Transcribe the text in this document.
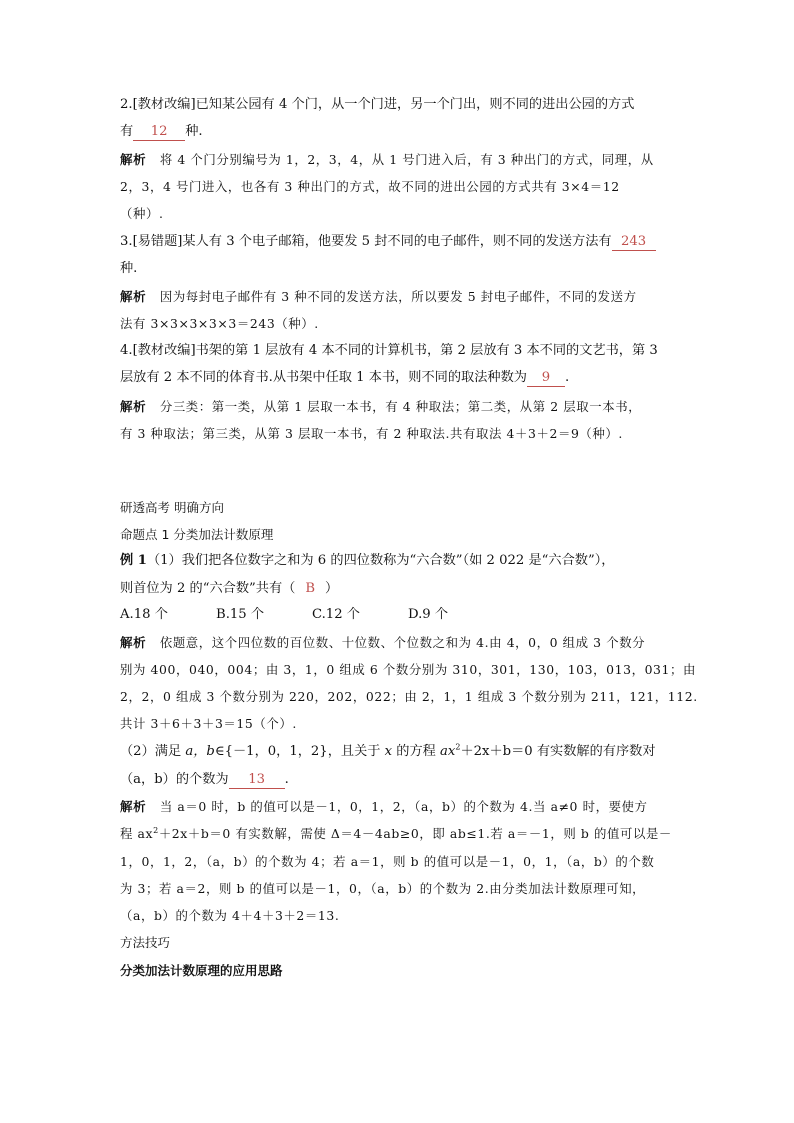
2.[教材改编]已知某公园有 4 个门，从一个门进，另一个门出，则不同的进出公园的方式
有 12 种.
解析 将 4 个门分别编号为 1，2，3，4，从 1 号门进入后，有 3 种出门的方式，同理，从
2，3，4 号门进入，也各有 3 种出门的方式，故不同的进出公园的方式共有 3×4＝12
（种）.
3.[易错题]某人有 3 个电子邮箱，他要发 5 封不同的电子邮件，则不同的发送方法有 243
种.
解析 因为每封电子邮件有 3 种不同的发送方法，所以要发 5 封电子邮件，不同的发送方
法有 3×3×3×3×3＝243（种）.
4.[教材改编]书架的第 1 层放有 4 本不同的计算机书，第 2 层放有 3 本不同的文艺书，第 3
层放有 2 本不同的体育书.从书架中任取 1 本书，则不同的取法种数为 9 .
解析 分三类：第一类，从第 1 层取一本书，有 4 种取法；第二类，从第 2 层取一本书，
有 3 种取法；第三类，从第 3 层取一本书，有 2 种取法.共有取法 4＋3＋2＝9（种）.
研透高考 明确方向
命题点 1 分类加法计数原理
例 1（1）我们把各位数字之和为 6 的四位数称为“六合数”（如 2 022 是“六合数”），
则首位为 2 的“六合数”共有（ B ）
A.18 个	B.15 个	C.12 个	D.9 个
解析 依题意，这个四位数的百位数、十位数、个位数之和为 4.由 4，0，0 组成 3 个数分
别为 400，040，004；由 3，1，0 组成 6 个数分别为 310，301，130，103，013，031；由
2，2，0 组成 3 个数分别为 220，202，022；由 2，1，1 组成 3 个数分别为 211，121，112.
共计 3＋6＋3＋3＝15（个）.
（2）满足 a，b∈{－1，0，1，2}，且关于 x 的方程 $ax^2+2x+b=0$ 有实数解的有序数对
（a，b）的个数为 13 .
解析 当 a＝0 时，b 的值可以是－1，0，1，2，（a，b）的个数为 4.当 a≠0 时，要使方
程 $ax^2+2x+b=0$ 有实数解，需使 Δ＝4－4ab≥0，即 ab≤1.若 a＝－1，则 b 的值可以是－
1，0，1，2，（a，b）的个数为 4；若 a＝1，则 b 的值可以是－1，0，1，（a，b）的个数
为 3；若 a＝2，则 b 的值可以是－1，0，（a，b）的个数为 2.由分类加法计数原理可知，
（a，b）的个数为 4＋4＋3＋2＝13.
方法技巧
分类加法计数原理的应用思路
